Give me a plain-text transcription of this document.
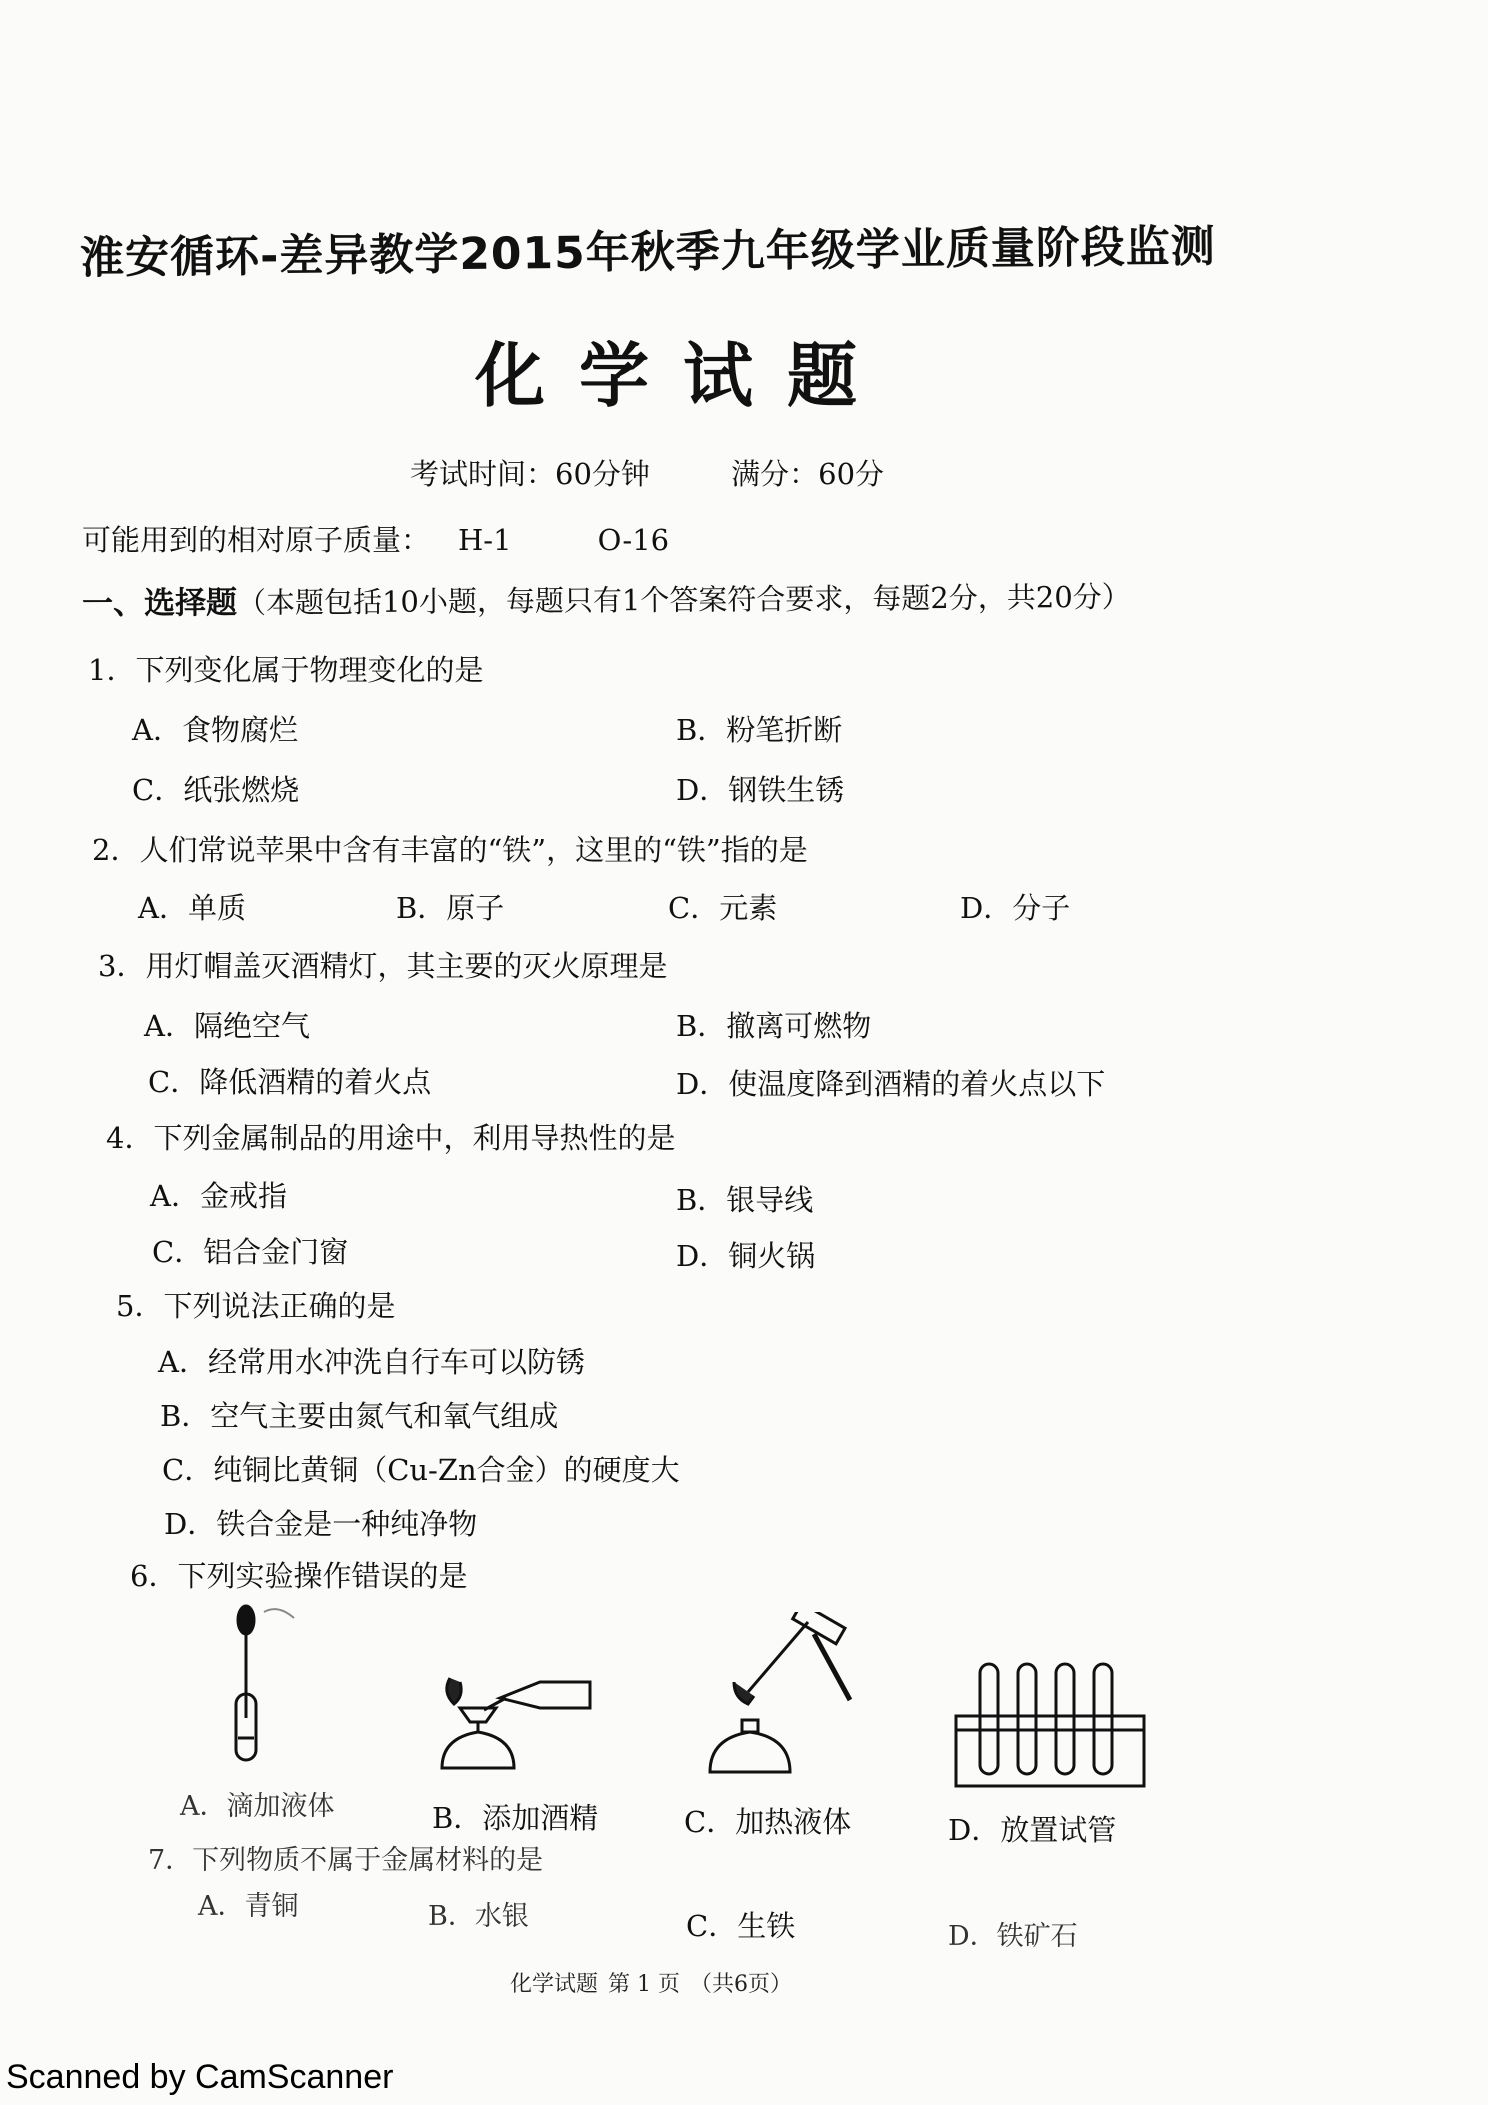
淮安循环-差异教学2015年秋季九年级学业质量阶段监测
化学试题
考试时间：60分钟	满分：60分
可能用到的相对原子质量： H-1	O-16
一、选择题（本题包括10小题，每题只有1个答案符合要求，每题2分，共20分）
1．下列变化属于物理变化的是
A．食物腐烂	B．粉笔折断
C．纸张燃烧	D．钢铁生锈
2．人们常说苹果中含有丰富的“铁”，这里的“铁”指的是
A．单质	B．原子	C．元素	D．分子
3．用灯帽盖灭酒精灯，其主要的灭火原理是
A．隔绝空气	B．撤离可燃物
C．降低酒精的着火点	D．使温度降到酒精的着火点以下
4．下列金属制品的用途中，利用导热性的是
A．金戒指	B．银导线
C．铝合金门窗	D．铜火锅
5．下列说法正确的是
A．经常用水冲洗自行车可以防锈
B．空气主要由氮气和氧气组成
C．纯铜比黄铜（Cu-Zn合金）的硬度大
D．铁合金是一种纯净物
6．下列实验操作错误的是
A．滴加液体	B．添加酒精	C．加热液体	D．放置试管
7．下列物质不属于金属材料的是
A．青铜	B．水银	C．生铁	D．铁矿石
化学试题 第 1 页 （共6页）
Scanned by CamScanner
